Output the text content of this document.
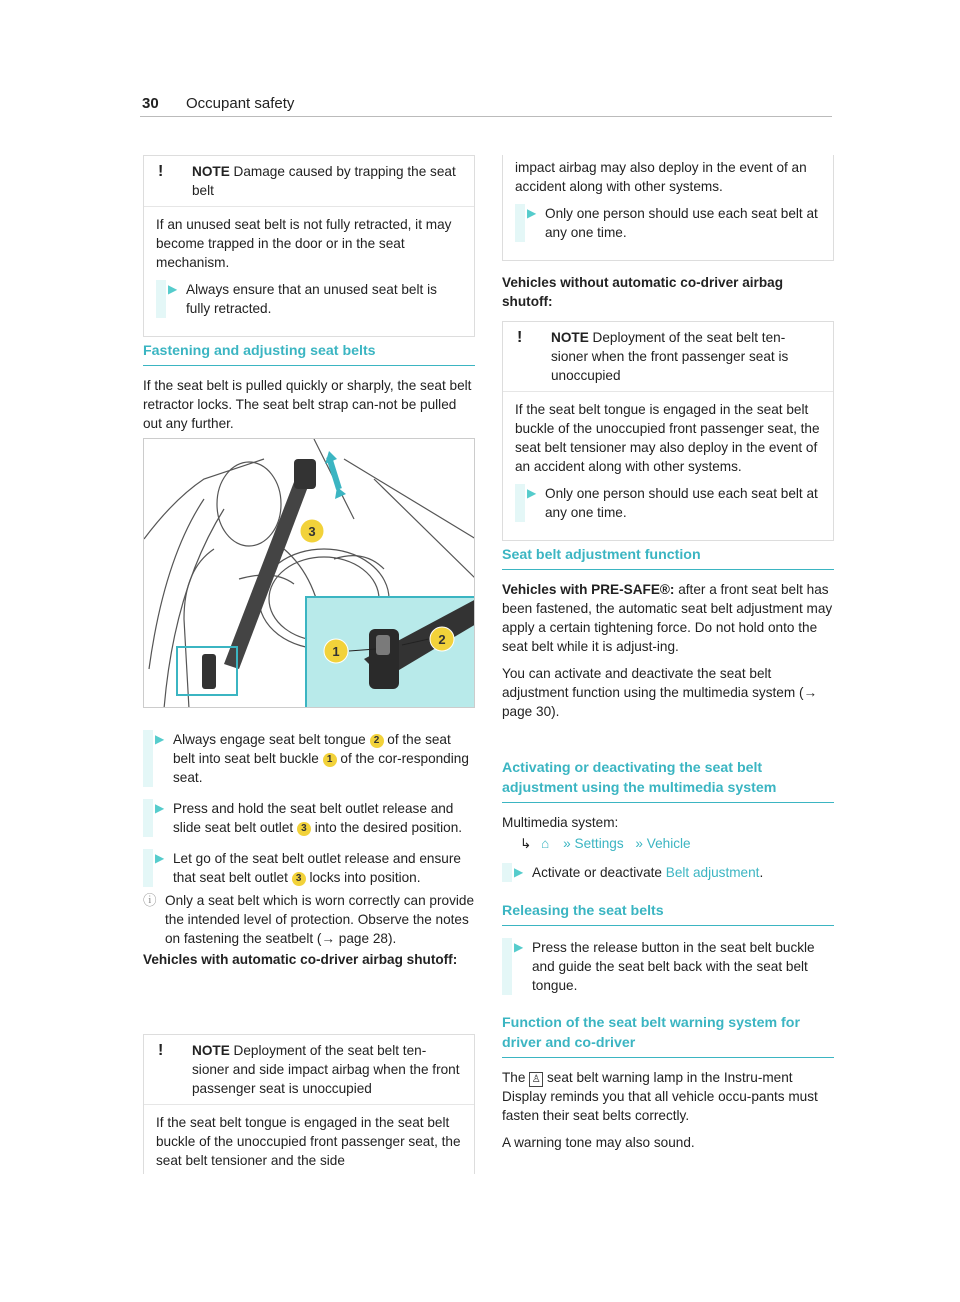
30 Occupant safety
!	NOTE Damage caused by trapping the seat belt

If an unused seat belt is not fully retracted, it may become trapped in the door or in the seat mechanism.

▶ Always ensure that an unused seat belt is fully retracted.
Fastening and adjusting seat belts

If the seat belt is pulled quickly or sharply, the seat belt retractor locks. The seat belt strap can-not be pulled out any further.

1
2
3
▶ Always engage seat belt tongue 2 of the seat belt into seat belt buckle 1 of the cor-responding seat.
▶ Press and hold the seat belt outlet release and slide seat belt outlet 3 into the desired position.
▶ Let go of the seat belt outlet release and ensure that seat belt outlet 3 locks into position.
ⓘ Only a seat belt which is worn correctly can provide the intended level of protection. Observe the notes on fastening the seatbelt (→ page 28).
Vehicles with automatic co-driver airbag shutoff:
!	NOTE Deployment of the seat belt ten-sioner and side impact airbag when the front passenger seat is unoccupied

If the seat belt tongue is engaged in the seat belt buckle of the unoccupied front passenger seat, the seat belt tensioner and the side

impact airbag may also deploy in the event of an accident along with other systems.

▶ Only one person should use each seat belt at any one time.
Vehicles without automatic co-driver airbag shutoff:
!	NOTE Deployment of the seat belt ten-sioner when the front passenger seat is unoccupied

If the seat belt tongue is engaged in the seat belt buckle of the unoccupied front passenger seat, the seat belt tensioner may also deploy in the event of an accident along with other systems.

▶ Only one person should use each seat belt at any one time.
Seat belt adjustment function

Vehicles with PRE-SAFE®: after a front seat belt has been fastened, the automatic seat belt adjustment may apply a certain tightening force. Do not hold onto the seat belt while it is adjust-ing.

You can activate and deactivate the seat belt adjustment function using the multimedia system (→ page 30).

Activating or deactivating the seat belt adjustment using the multimedia system

Multimedia system:

↳ ⌂ » Settings » Vehicle
▶ Activate or deactivate Belt adjustment.
Releasing the seat belts
▶ Press the release button in the seat belt buckle and guide the seat belt back with the seat belt tongue.
Function of the seat belt warning system for driver and co-driver

The ♙ seat belt warning lamp in the Instru-ment Display reminds you that all vehicle occu-pants must fasten their seat belts correctly.

A warning tone may also sound.
